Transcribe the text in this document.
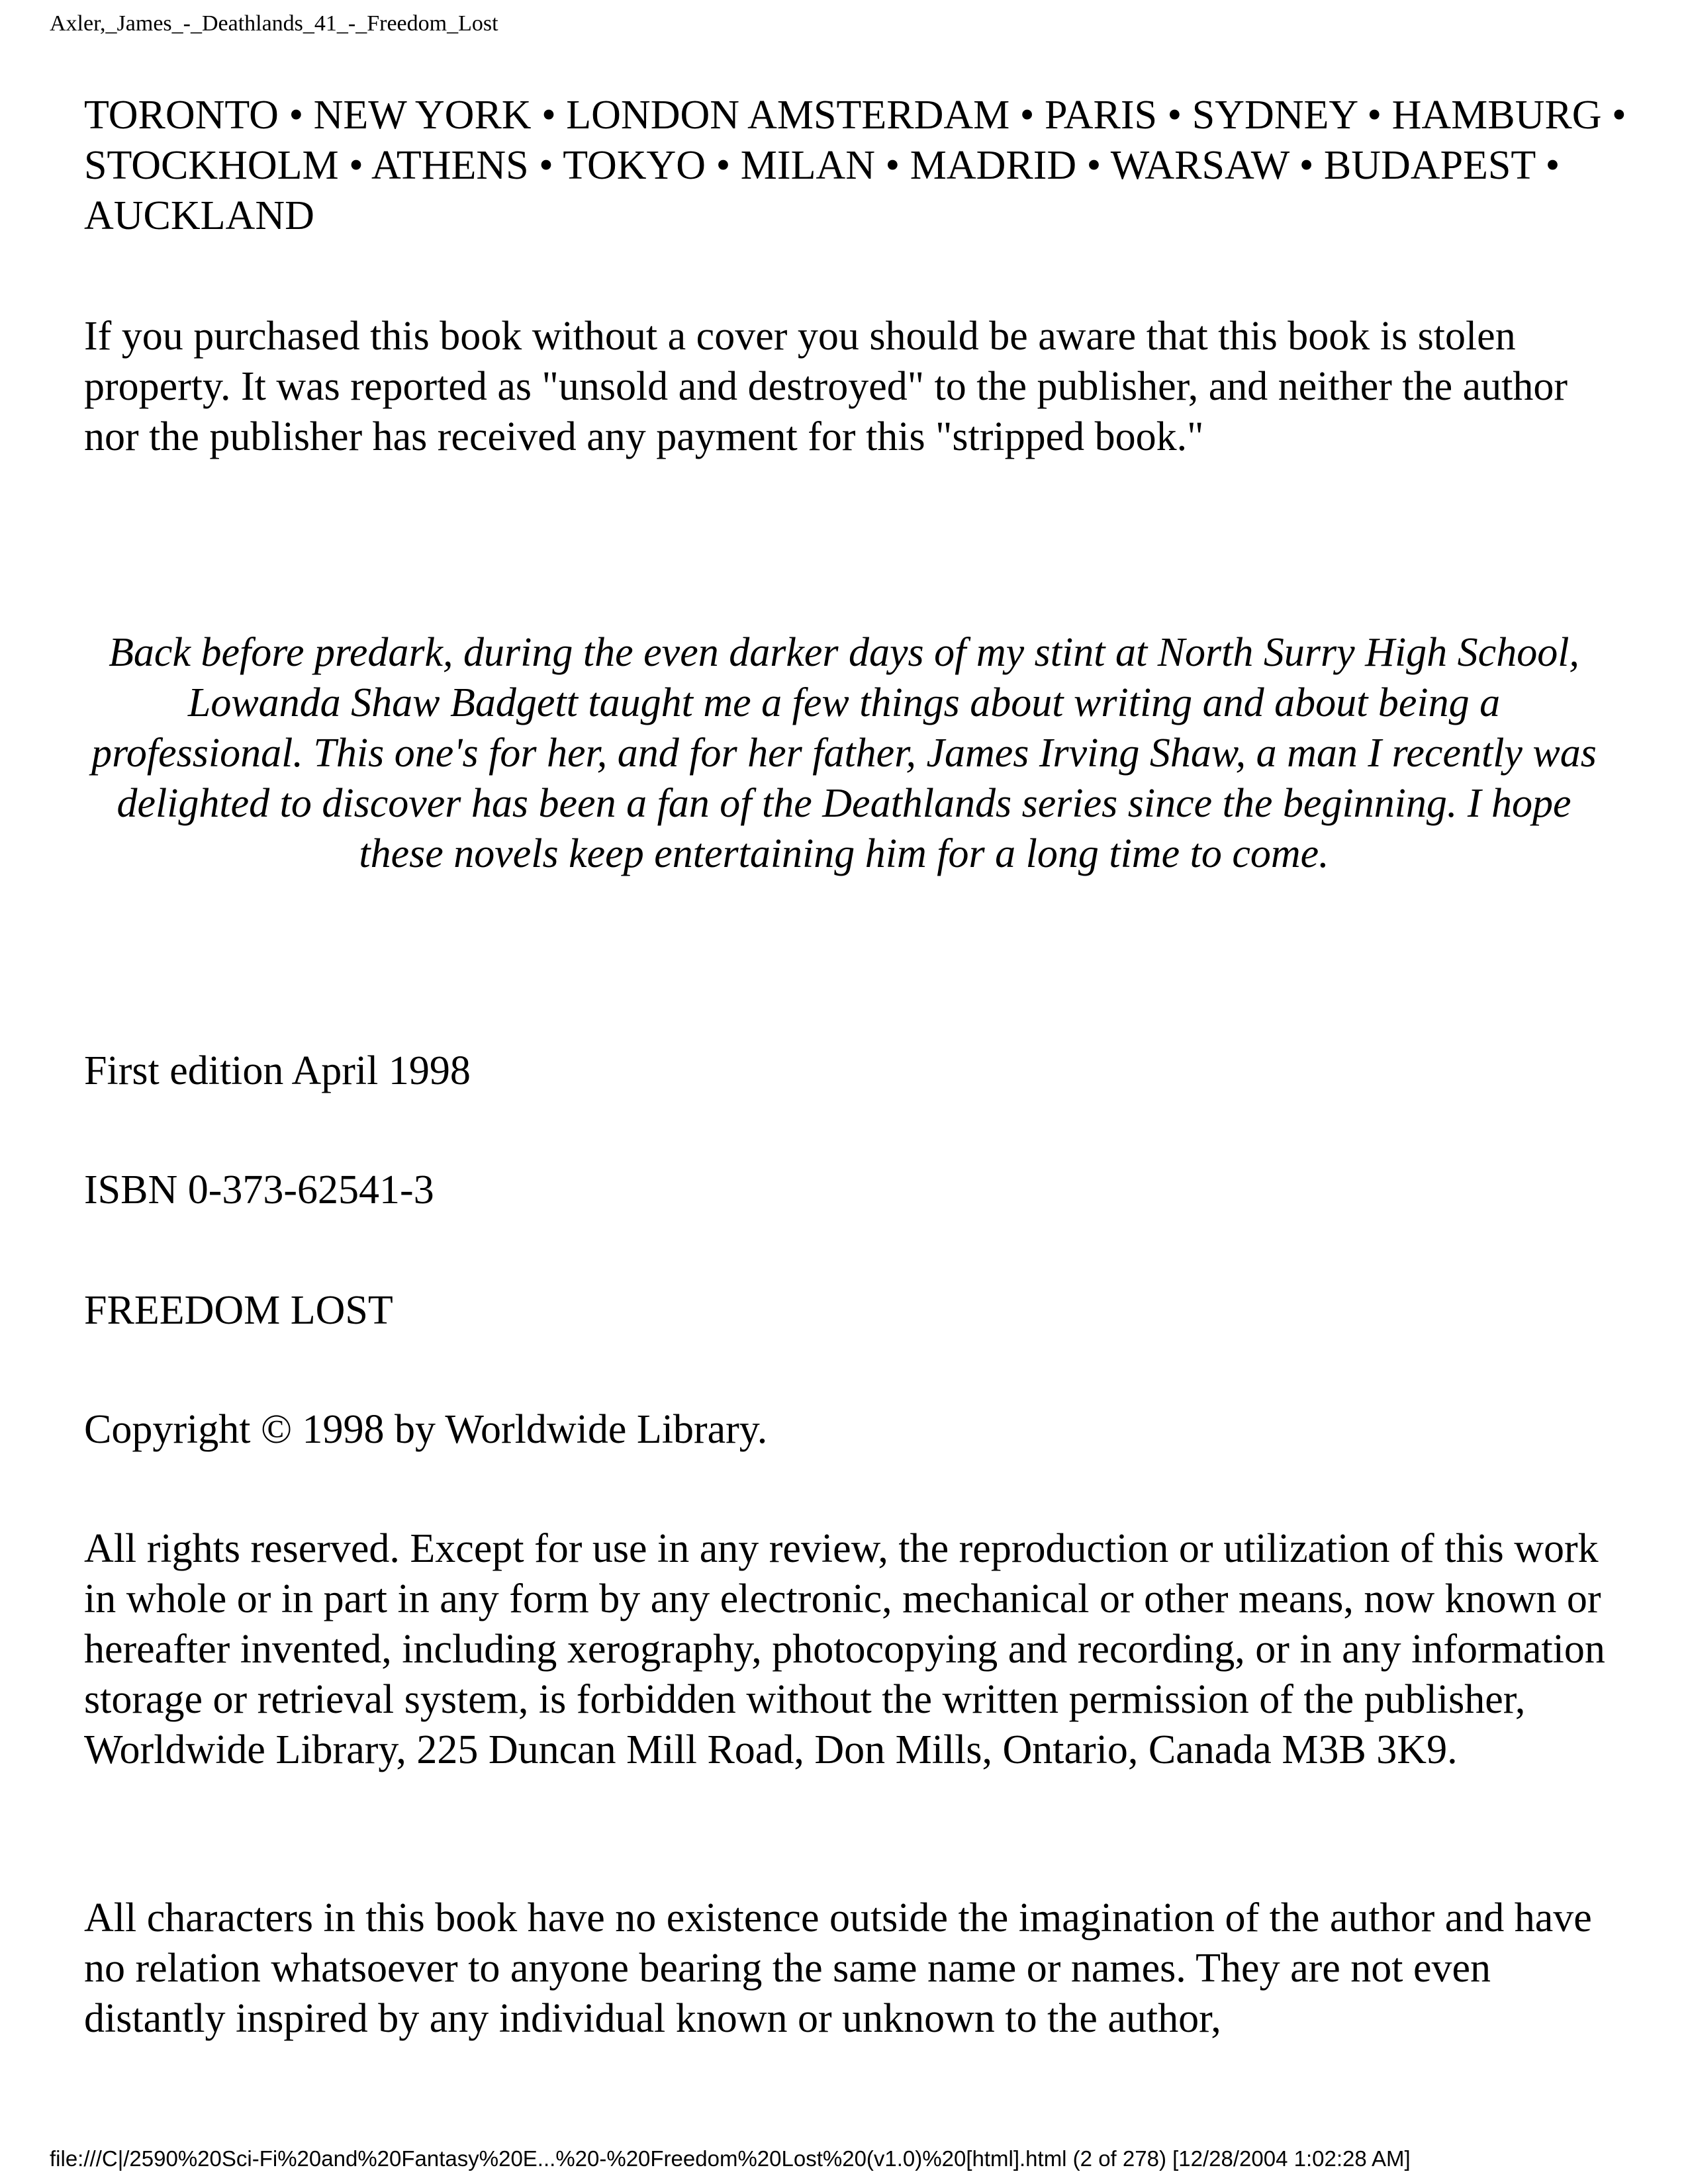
Axler,_James_-_Deathlands_41_-_Freedom_Lost

TORONTO • NEW YORK • LONDON AMSTERDAM • PARIS • SYDNEY • HAMBURG • STOCKHOLM • ATHENS • TOKYO • MILAN • MADRID • WARSAW • BUDAPEST • AUCKLAND

If you purchased this book without a cover you should be aware that this book is stolen property. It was reported as "unsold and destroyed" to the publisher, and neither the author nor the publisher has received any payment for this "stripped book."

Back before predark, during the even darker days of my stint at North Surry High School, Lowanda Shaw Badgett taught me a few things about writing and about being a professional. This one's for her, and for her father, James Irving Shaw, a man I recently was delighted to discover has been a fan of the Deathlands series since the beginning. I hope these novels keep entertaining him for a long time to come.

First edition April 1998

ISBN 0-373-62541-3

FREEDOM LOST

Copyright © 1998 by Worldwide Library.

All rights reserved. Except for use in any review, the reproduction or utilization of this work in whole or in part in any form by any electronic, mechanical or other means, now known or hereafter invented, including xerography, photocopying and recording, or in any information storage or retrieval system, is forbidden without the written permission of the publisher, Worldwide Library, 225 Duncan Mill Road, Don Mills, Ontario, Canada M3B 3K9.

All characters in this book have no existence outside the imagination of the author and have no relation whatsoever to anyone bearing the same name or names. They are not even distantly inspired by any individual known or unknown to the author,

file:///C|/2590%20Sci-Fi%20and%20Fantasy%20E...%20-%20Freedom%20Lost%20(v1.0)%20[html].html (2 of 278) [12/28/2004 1:02:28 AM]
